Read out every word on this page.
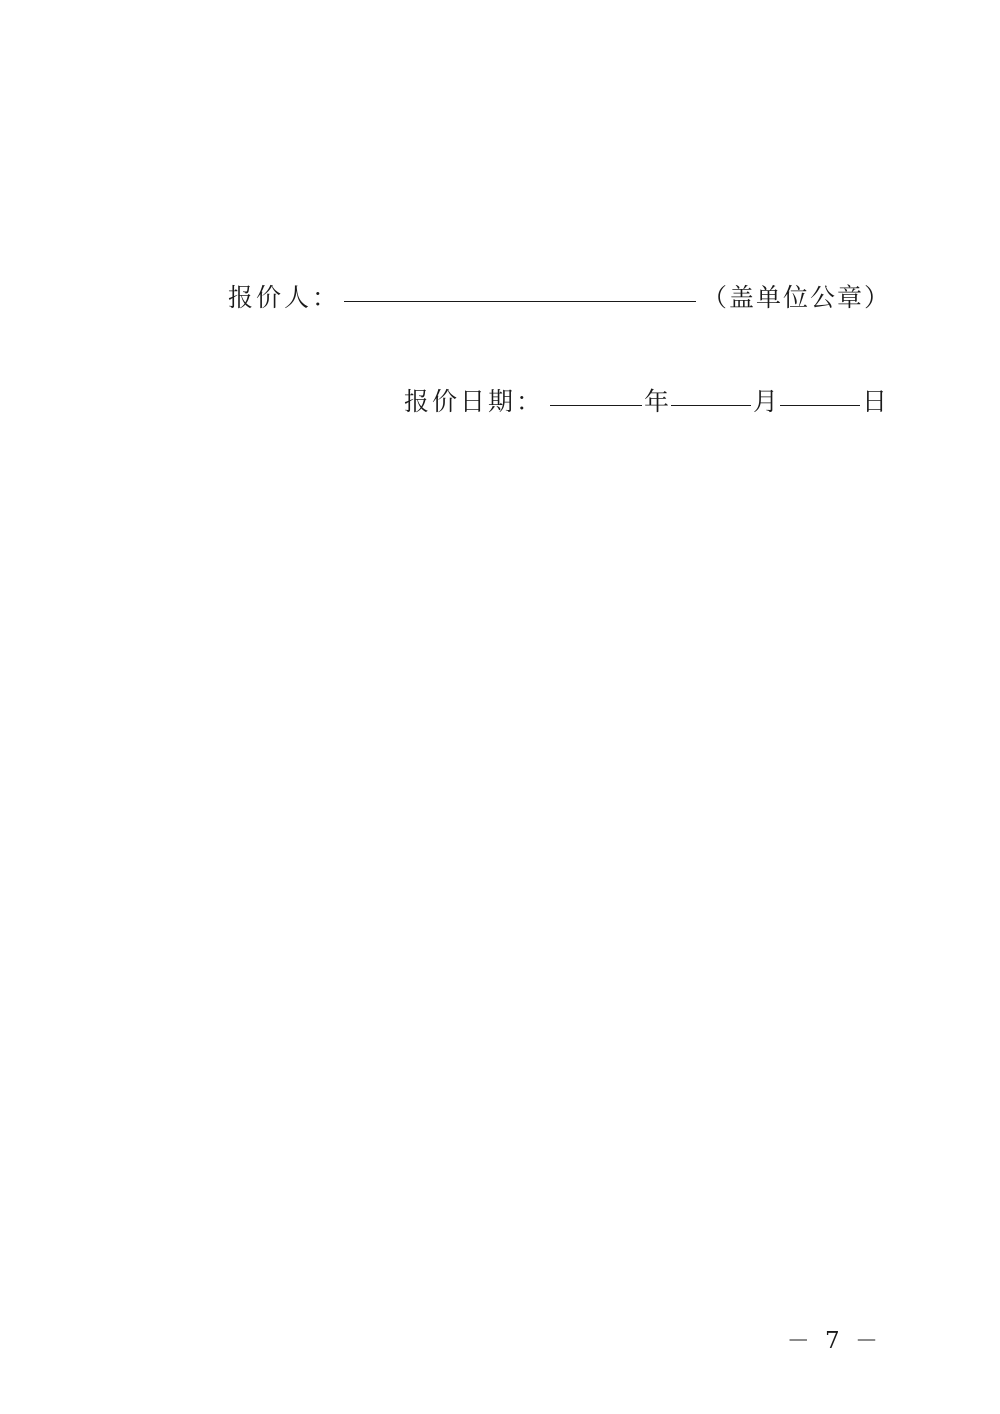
报价人：	（盖单位公章）
报价日期：	年	月	日
－ 7 －
